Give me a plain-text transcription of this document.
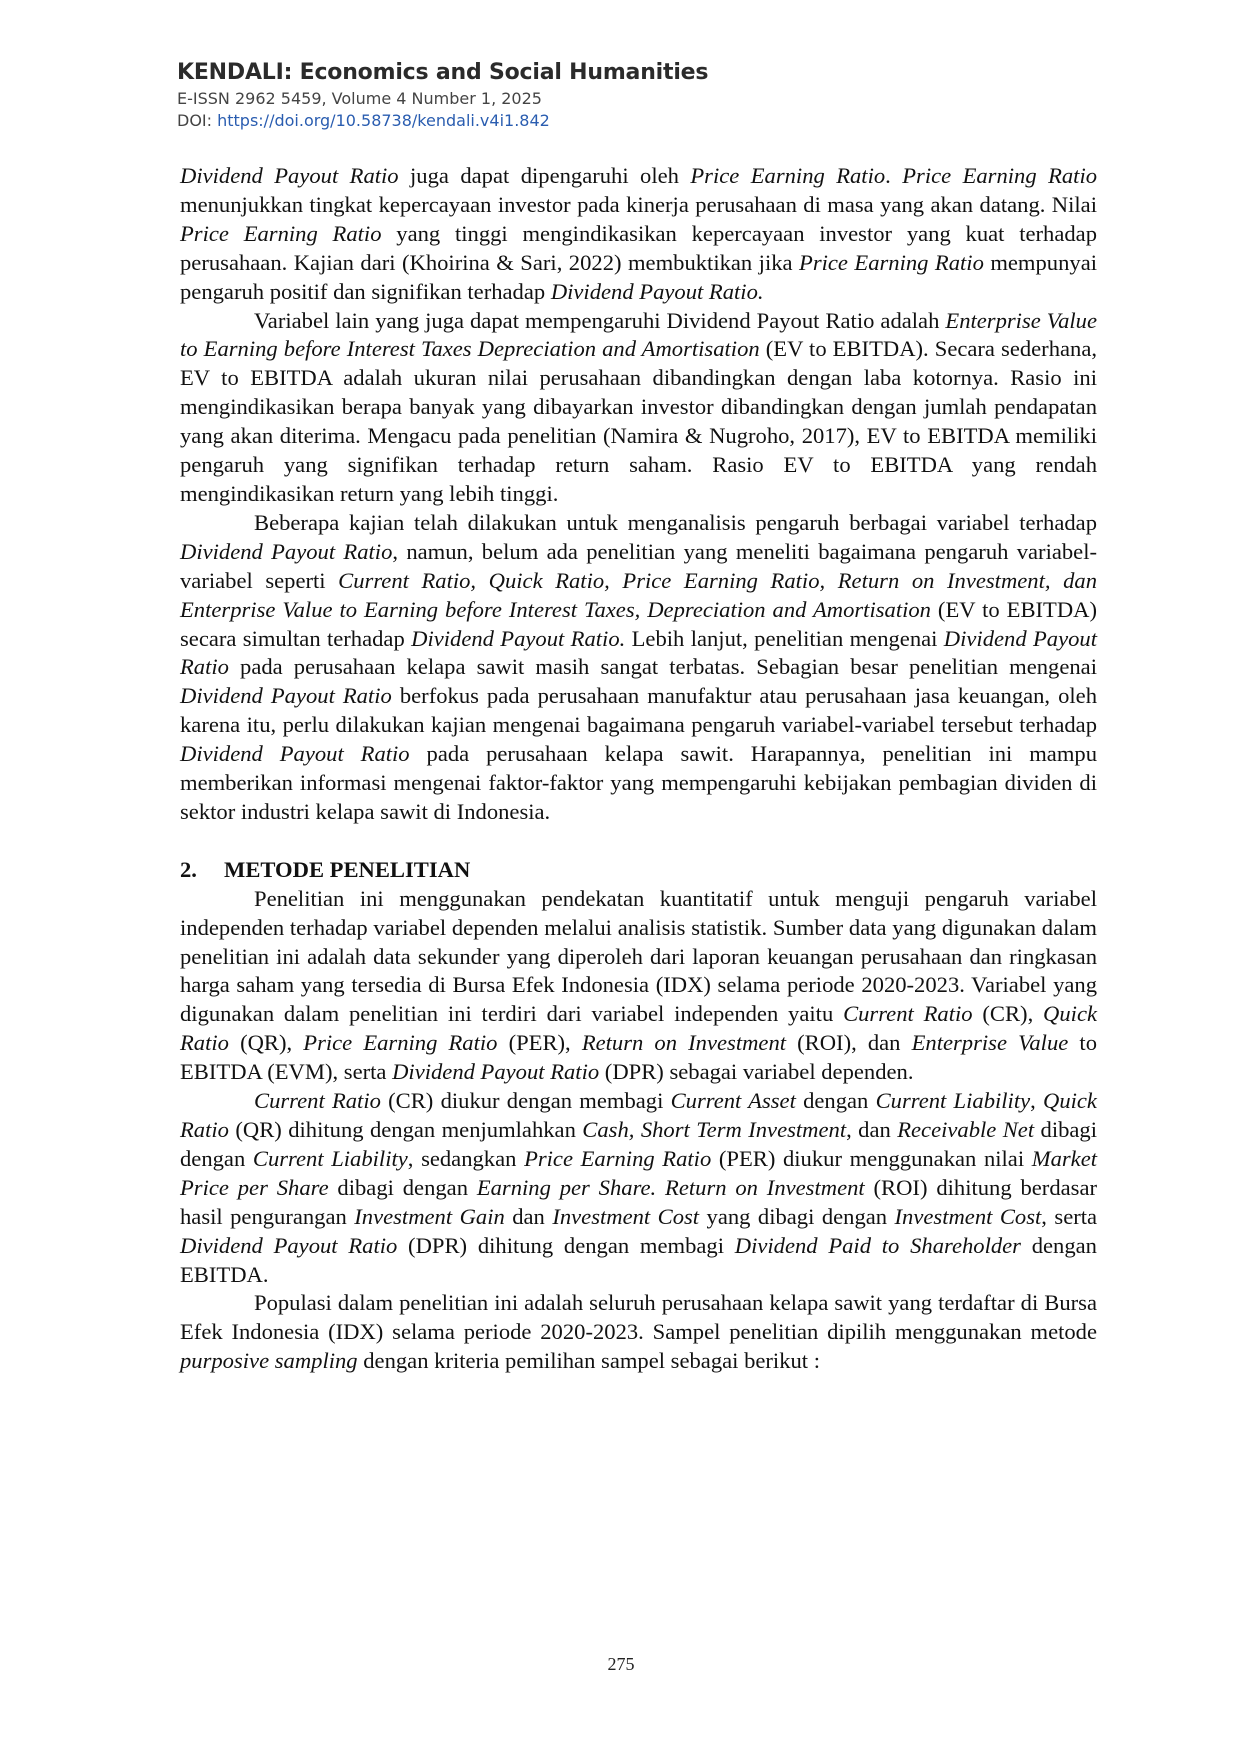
KENDALI: Economics and Social Humanities
E-ISSN 2962 5459, Volume 4 Number 1, 2025
DOI: https://doi.org/10.58738/kendali.v4i1.842

Dividend Payout Ratio juga dapat dipengaruhi oleh Price Earning Ratio. Price Earning Ratio menunjukkan tingkat kepercayaan investor pada kinerja perusahaan di masa yang akan datang. Nilai Price Earning Ratio yang tinggi mengindikasikan kepercayaan investor yang kuat terhadap perusahaan. Kajian dari (Khoirina & Sari, 2022) membuktikan jika Price Earning Ratio mempunyai pengaruh positif dan signifikan terhadap Dividend Payout Ratio.

Variabel lain yang juga dapat mempengaruhi Dividend Payout Ratio adalah Enterprise Value to Earning before Interest Taxes Depreciation and Amortisation (EV to EBITDA). Secara sederhana, EV to EBITDA adalah ukuran nilai perusahaan dibandingkan dengan laba kotornya. Rasio ini mengindikasikan berapa banyak yang dibayarkan investor dibandingkan dengan jumlah pendapatan yang akan diterima. Mengacu pada penelitian (Namira & Nugroho, 2017), EV to EBITDA memiliki pengaruh yang signifikan terhadap return saham. Rasio EV to EBITDA yang rendah mengindikasikan return yang lebih tinggi.

Beberapa kajian telah dilakukan untuk menganalisis pengaruh berbagai variabel terhadap Dividend Payout Ratio, namun, belum ada penelitian yang meneliti bagaimana pengaruh variabel-variabel seperti Current Ratio, Quick Ratio, Price Earning Ratio, Return on Investment, dan Enterprise Value to Earning before Interest Taxes, Depreciation and Amortisation (EV to EBITDA) secara simultan terhadap Dividend Payout Ratio. Lebih lanjut, penelitian mengenai Dividend Payout Ratio pada perusahaan kelapa sawit masih sangat terbatas. Sebagian besar penelitian mengenai Dividend Payout Ratio berfokus pada perusahaan manufaktur atau perusahaan jasa keuangan, oleh karena itu, perlu dilakukan kajian mengenai bagaimana pengaruh variabel-variabel tersebut terhadap Dividend Payout Ratio pada perusahaan kelapa sawit. Harapannya, penelitian ini mampu memberikan informasi mengenai faktor-faktor yang mempengaruhi kebijakan pembagian dividen di sektor industri kelapa sawit di Indonesia.

2. METODE PENELITIAN

Penelitian ini menggunakan pendekatan kuantitatif untuk menguji pengaruh variabel independen terhadap variabel dependen melalui analisis statistik. Sumber data yang digunakan dalam penelitian ini adalah data sekunder yang diperoleh dari laporan keuangan perusahaan dan ringkasan harga saham yang tersedia di Bursa Efek Indonesia (IDX) selama periode 2020-2023. Variabel yang digunakan dalam penelitian ini terdiri dari variabel independen yaitu Current Ratio (CR), Quick Ratio (QR), Price Earning Ratio (PER), Return on Investment (ROI), dan Enterprise Value to EBITDA (EVM), serta Dividend Payout Ratio (DPR) sebagai variabel dependen.

Current Ratio (CR) diukur dengan membagi Current Asset dengan Current Liability, Quick Ratio (QR) dihitung dengan menjumlahkan Cash, Short Term Investment, dan Receivable Net dibagi dengan Current Liability, sedangkan Price Earning Ratio (PER) diukur menggunakan nilai Market Price per Share dibagi dengan Earning per Share. Return on Investment (ROI) dihitung berdasar hasil pengurangan Investment Gain dan Investment Cost yang dibagi dengan Investment Cost, serta Dividend Payout Ratio (DPR) dihitung dengan membagi Dividend Paid to Shareholder dengan EBITDA.

Populasi dalam penelitian ini adalah seluruh perusahaan kelapa sawit yang terdaftar di Bursa Efek Indonesia (IDX) selama periode 2020-2023. Sampel penelitian dipilih menggunakan metode purposive sampling dengan kriteria pemilihan sampel sebagai berikut :

275
